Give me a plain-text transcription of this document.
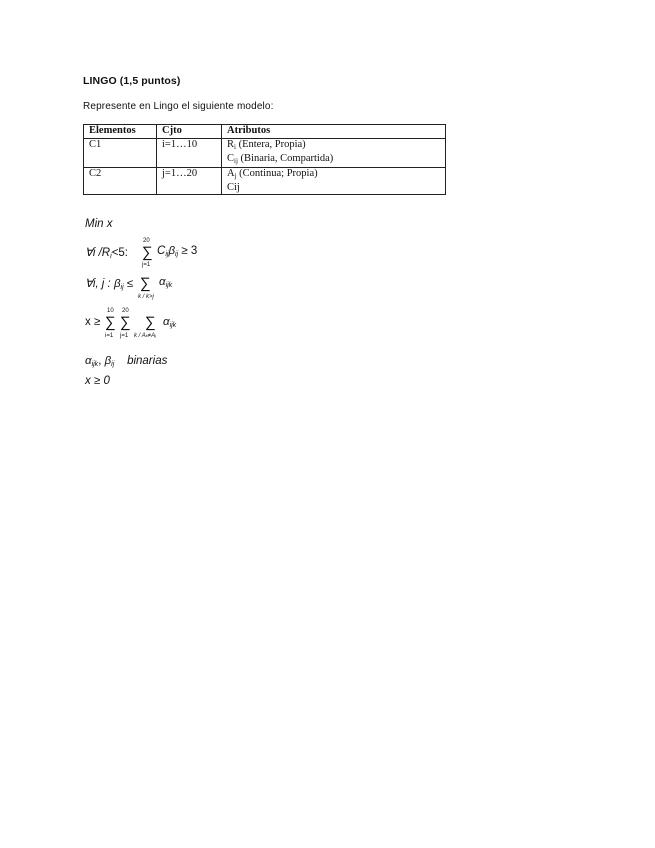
LINGO (1,5 puntos)
Represente en Lingo el siguiente modelo:
Elementos	Cjto	Atributos
C1	i=1…10	$R_i$ (Entera, Propia)
$C_{ij}$ (Binaria, Compartida)
C2	j=1…20	$A_j$ (Continua; Propia)
Cij
Min x
∀i $/R_i<5$:
20
∑
j=1
$C_{ij}\beta_{ij} \ge 3$
∀i, j : $\beta_{ij}$ ≤ ∑
k / k>j
$\alpha_{ijk}$
x ≥
10
∑
i=1
20
∑
j=1
∑
k / Ak≠Aj
$\alpha_{ijk}$
$\alpha_{ijk}$, $\beta_{ij}$ binarias
x ≥ 0
